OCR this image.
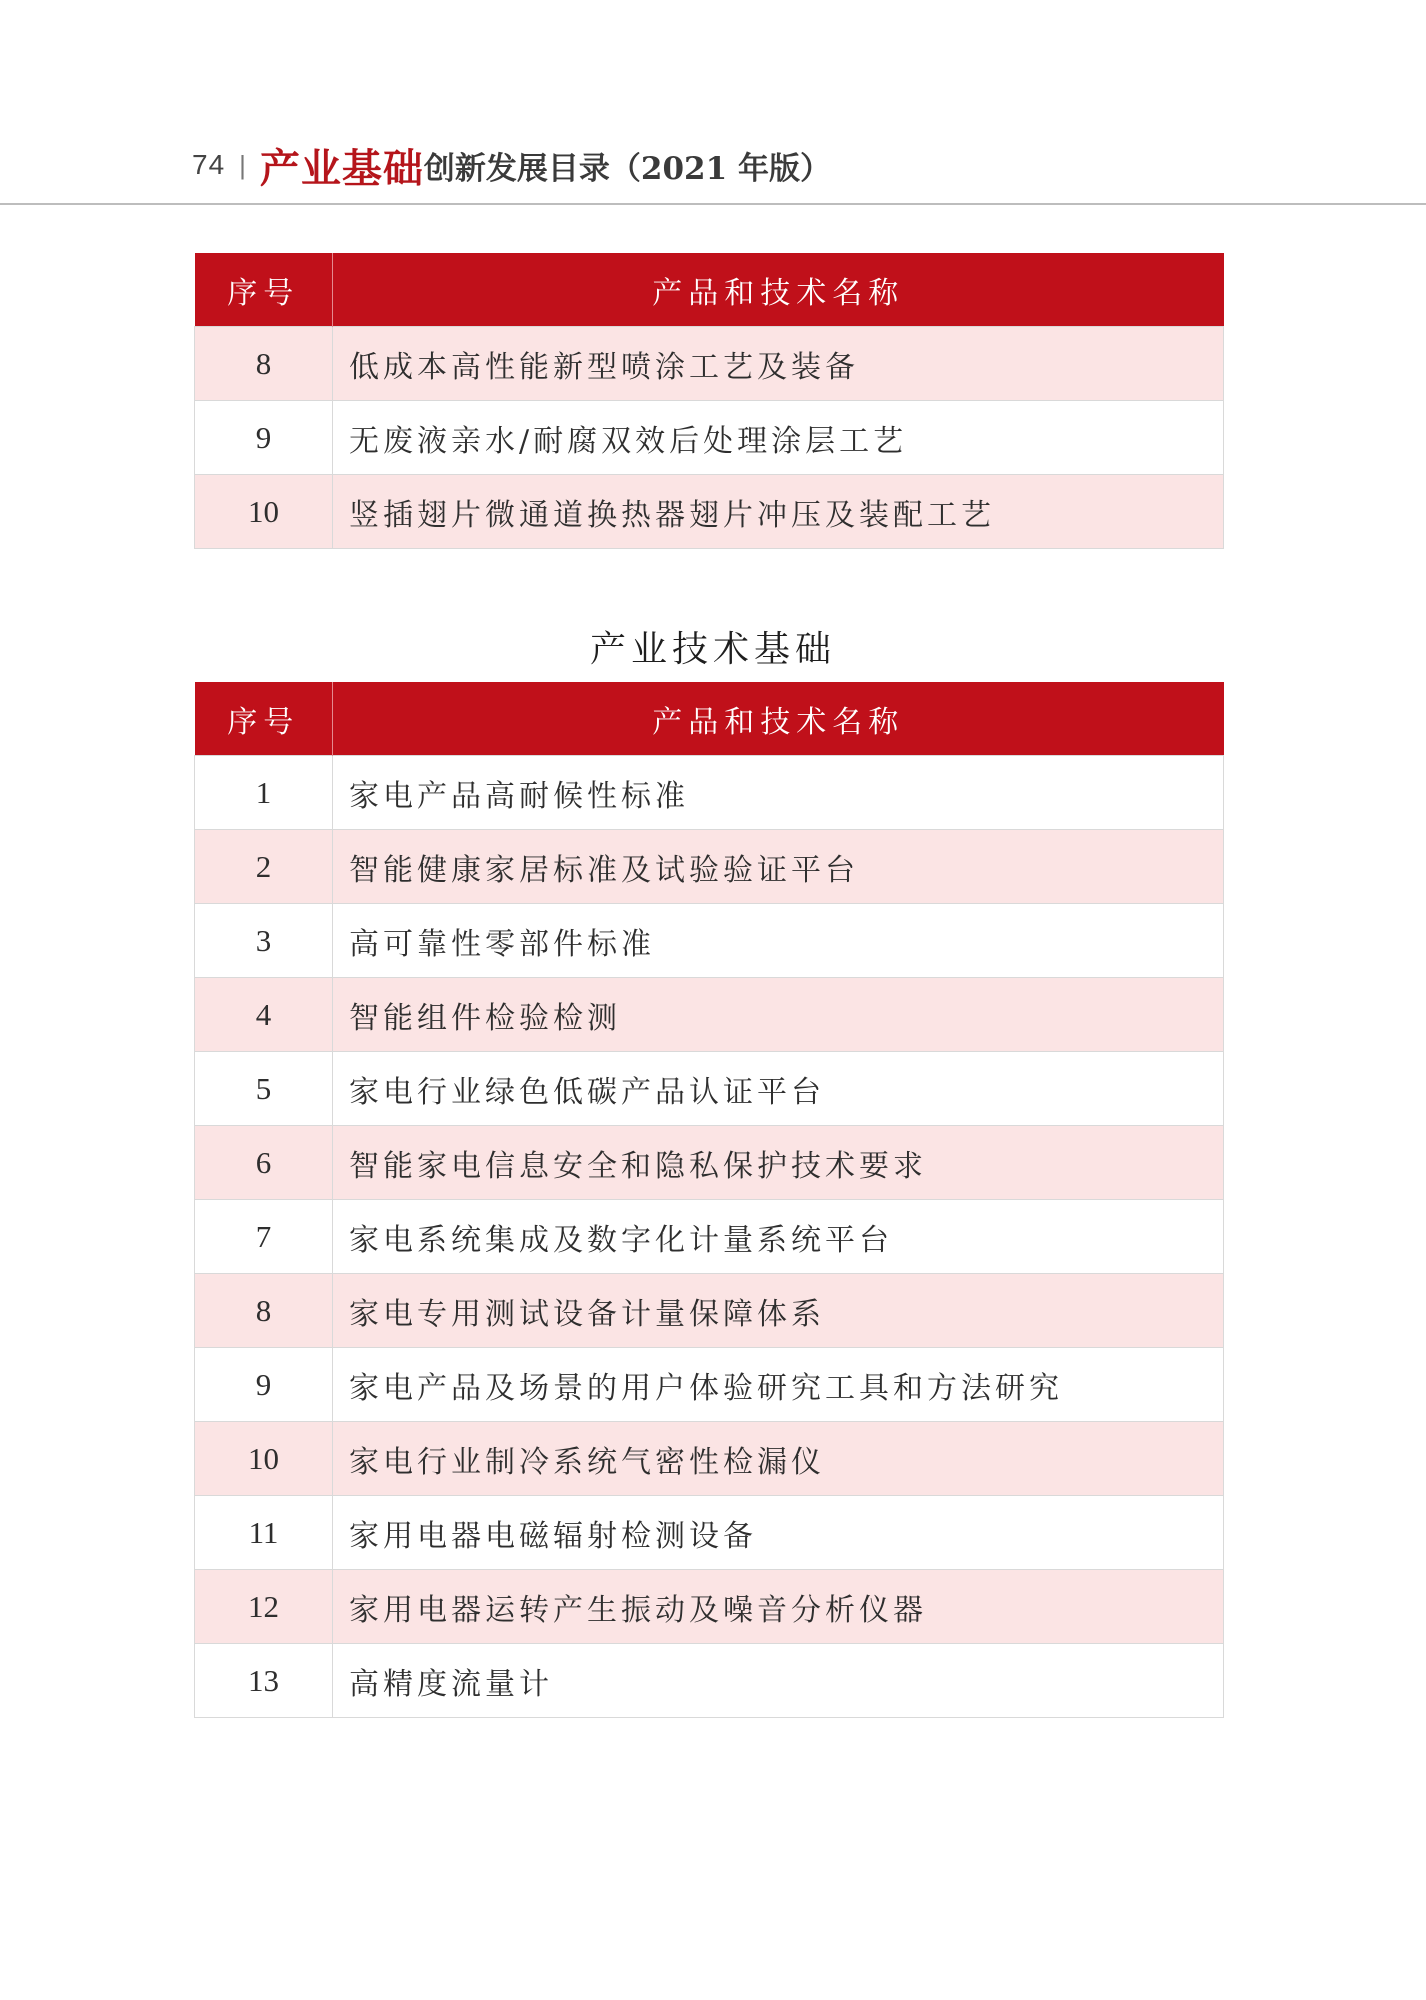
74 | 产业基础 创新发展目录（2021 年版）
序号	产品和技术名称
8	低成本高性能新型喷涂工艺及装备
9	无废液亲水/耐腐双效后处理涂层工艺
10	竖插翅片微通道换热器翅片冲压及装配工艺
产业技术基础
序号	产品和技术名称
1	家电产品高耐候性标准
2	智能健康家居标准及试验验证平台
3	高可靠性零部件标准
4	智能组件检验检测
5	家电行业绿色低碳产品认证平台
6	智能家电信息安全和隐私保护技术要求
7	家电系统集成及数字化计量系统平台
8	家电专用测试设备计量保障体系
9	家电产品及场景的用户体验研究工具和方法研究
10	家电行业制冷系统气密性检漏仪
11	家用电器电磁辐射检测设备
12	家用电器运转产生振动及噪音分析仪器
13	高精度流量计
